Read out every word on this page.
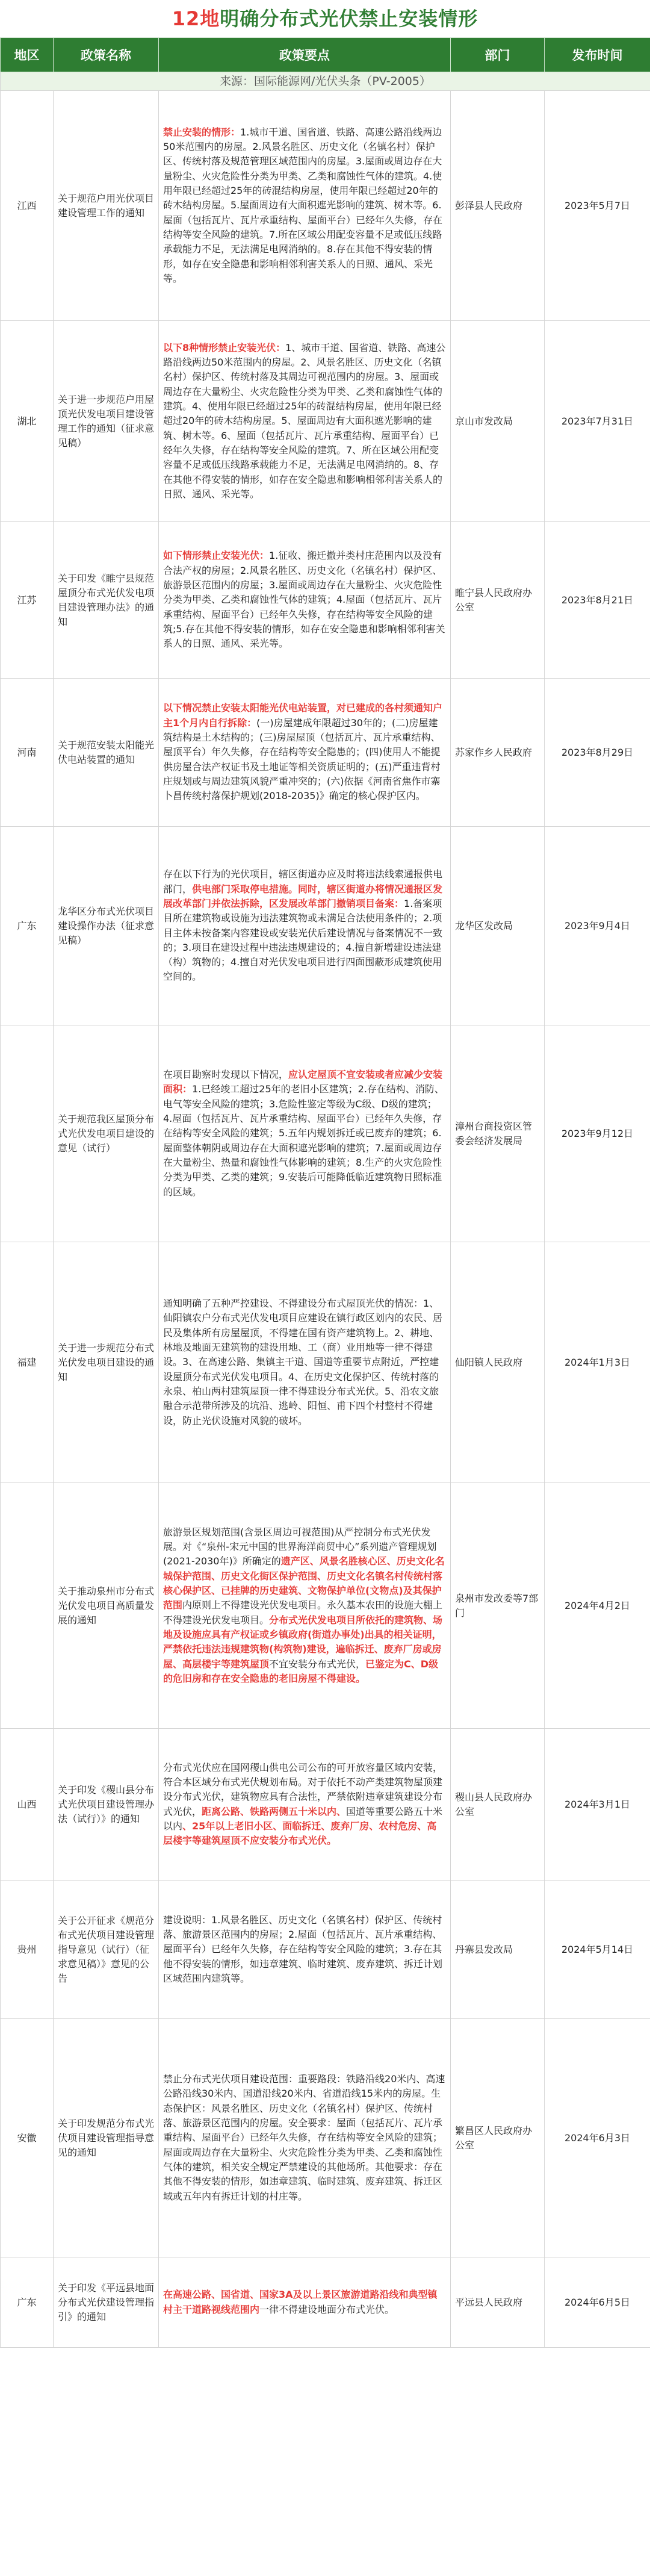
12地明确分布式光伏禁止安装情形
地区	政策名称	政策要点	部门	发布时间
来源：国际能源网/光伏头条（PV-2005）				
江西	关于规范户用光伏项目建设管理工作的通知	禁止安装的情形：1.城市干道、国省道、铁路、高速公路沿线两边50米范围内的房屋。2.风景名胜区、历史文化（名镇名村）保护区、传统村落及规范管理区域范围内的房屋。3.屋面或周边存在大量粉尘、火灾危险性分类为甲类、乙类和腐蚀性气体的建筑。4.使用年限已经超过25年的砖混结构房屋，使用年限已经超过20年的砖木结构房屋。5.屋面周边有大面积遮光影响的建筑、树木等。6.屋面（包括瓦片、瓦片承重结构、屋面平台）已经年久失修，存在结构等安全风险的建筑。7.所在区域公用配变容量不足或低压线路承载能力不足，无法满足电网消纳的。8.存在其他不得安装的情形，如存在安全隐患和影响相邻利害关系人的日照、通风、采光等。	彭泽县人民政府	2023年5月7日
湖北	关于进一步规范户用屋顶光伏发电项目建设管理工作的通知（征求意见稿）	以下8种情形禁止安装光伏：1、城市干道、国省道、铁路、高速公路沿线两边50米范围内的房屋。2、风景名胜区、历史文化（名镇名村）保护区、传统村落及其周边可视范围内的房屋。3、屋面或周边存在大量粉尘、火灾危险性分类为甲类、乙类和腐蚀性气体的建筑。4、使用年限已经超过25年的砖混结构房屋，使用年限已经超过20年的砖木结构房屋。5、屋面周边有大面积遮光影响的建筑、树木等。6、屋面（包括瓦片、瓦片承重结构、屋面平台）已经年久失修，存在结构等安全风险的建筑。7、所在区域公用配变容量不足或低压线路承载能力不足，无法满足电网消纳的。8、存在其他不得安装的情形，如存在安全隐患和影响相邻利害关系人的日照、通风、采光等。	京山市发改局	2023年7月31日
江苏	关于印发《睢宁县规范屋顶分布式光伏发电项目建设管理办法》的通知	如下情形禁止安装光伏：1.征收、搬迁撤并类村庄范围内以及没有合法产权的房屋；2.风景名胜区、历史文化（名镇名村）保护区、旅游景区范围内的房屋；3.屋面或周边存在大量粉尘、火灾危险性分类为甲类、乙类和腐蚀性气体的建筑；4.屋面（包括瓦片、瓦片承重结构、屋面平台）已经年久失修，存在结构等安全风险的建筑;5.存在其他不得安装的情形，如存在安全隐患和影响相邻利害关系人的日照、通风、采光等。	睢宁县人民政府办公室	2023年8月21日
河南	关于规范安装太阳能光伏电站装置的通知	以下情况禁止安装太阳能光伏电站装置，对已建成的各村须通知户主1个月内自行拆除：(一)房屋建成年限超过30年的；(二)房屋建筑结构是土木结构的；(三)房屋屋顶（包括瓦片、瓦片承重结构、屋顶平台）年久失修，存在结构等安全隐患的；(四)使用人不能提供房屋合法产权证书及土地证等相关资质证明的；(五)严重违背村庄规划或与周边建筑风貌严重冲突的；(六)依据《河南省焦作市寨卜昌传统村落保护规划(2018-2035)》确定的核心保护区内。	苏家作乡人民政府	2023年8月29日
广东	龙华区分布式光伏项目建设操作办法（征求意见稿）	存在以下行为的光伏项目，辖区街道办应及时将违法线索通报供电部门，供电部门采取停电措施。同时，辖区街道办将情况通报区发展改革部门并依法拆除，区发展改革部门撤销项目备案：1.备案项目所在建筑物或设施为违法建筑物或未满足合法使用条件的；2.项目主体未按备案内容建设或安装光伏后建设情况与备案情况不一致的；3.项目在建设过程中违法违规建设的；4.擅自新增建设违法建（构）筑物的；4.擅自对光伏发电项目进行四面围蔽形成建筑使用空间的。	龙华区发改局	2023年9月4日
	关于规范我区屋顶分布式光伏发电项目建设的意见（试行）	在项目勘察时发现以下情况，应认定屋顶不宜安装或者应减少安装面积：1.已经竣工超过25年的老旧小区建筑；2.存在结构、消防、电气等安全风险的建筑；3.危险性鉴定等级为C级、D级的建筑；4.屋面（包括瓦片、瓦片承重结构、屋面平台）已经年久失修，存在结构等安全风险的建筑；5.五年内规划拆迁或已废弃的建筑；6.屋面整体朝阴或周边存在大面积遮光影响的建筑；7.屋面或周边存在大量粉尘、热量和腐蚀性气体影响的建筑；8.生产的火灾危险性分类为甲类、乙类的建筑；9.安装后可能降低临近建筑物日照标准的区域。	漳州台商投资区管委会经济发展局	2023年9月12日
福建	关于进一步规范分布式光伏发电项目建设的通知	通知明确了五种严控建设、不得建设分布式屋顶光伏的情况：1、仙阳镇农户分布式光伏发电项目应建设在镇行政区划内的农民、居民及集体所有房屋屋顶，不得建在国有资产建筑物上。2、耕地、林地及地面无建筑物的建设用地、工（商）业用地等一律不得建设。3、在高速公路、集镇主干道、国道等重要节点附近，严控建设屋顶分布式光伏发电项目。4、在历史文化保护区、传统村落的永泉、柏山两村建筑屋顶一律不得建设分布式光伏。5、沿农文旅融合示范带所涉及的坑沿、逃岭、阳恒、甫下四个村整村不得建设，防止光伏设施对风貌的破坏。	仙阳镇人民政府	2024年1月3日
	关于推动泉州市分布式光伏发电项目高质量发展的通知	旅游景区规划范围(含景区周边可视范围)从严控制分布式光伏发展。对《“泉州-宋元中国的世界海洋商贸中心”系列遗产管理规划(2021-2030年)》所确定的遗产区、风景名胜核心区、历史文化名城保护范围、历史文化街区保护范围、历史文化名镇名村传统村落核心保护区、已挂牌的历史建筑、文物保护单位(文物点)及其保护范围内原则上不得建设光伏发电项目。永久基本农田的设施大棚上不得建设光伏发电项目。分布式光伏发电项目所依托的建筑物、场地及设施应具有产权证或乡镇政府(街道办事处)出具的相关证明，严禁依托违法违规建筑物(构筑物)建设，遍临拆迁、废弃厂房或房屋、高层楼宇等建筑屋顶不宜安装分布式光伏，已鉴定为C、D级的危旧房和存在安全隐患的老旧房屋不得建设。	泉州市发改委等7部门	2024年4月2日
山西	关于印发《稷山县分布式光伏项目建设管理办法（试行）》的通知	分布式光伏应在国网稷山供电公司公布的可开放容量区域内安装，符合本区域分布式光伏规划布局。对于依托不动产类建筑物屋顶建设分布式光伏，建筑物应具有合法性，严禁依附违章建筑建设分布式光伏，距离公路、铁路两侧五十米以内、国道等重要公路五十米以内、25年以上老旧小区、面临拆迁、废弃厂房、农村危房、高层楼宇等建筑屋顶不应安装分布式光伏。	稷山县人民政府办公室	2024年3月1日
贵州	关于公开征求《规范分布式光伏项目建设管理 指导意见（试行）（征求意见稿）》意见的公告	建设说明：1.风景名胜区、历史文化（名镇名村）保护区、传统村落、旅游景区范围内的房屋；2.屋面（包括瓦片、瓦片承重结构、屋面平台）已经年久失修，存在结构等安全风险的建筑；3.存在其他不得安装的情形，如违章建筑、临时建筑、废弃建筑、拆迁计划区域范围内建筑等。	丹寨县发改局	2024年5月14日
安徽	关于印发规范分布式光伏项目建设管理指导意见的通知	禁止分布式光伏项目建设范围：重要路段：铁路沿线20米内、高速公路沿线30米内、国道沿线20米内、省道沿线15米内的房屋。生态保护区：风景名胜区、历史文化（名镇名村）保护区、传统村落、旅游景区范围内的房屋。安全要求：屋面（包括瓦片、瓦片承重结构、屋面平台）已经年久失修，存在结构等安全风险的建筑；屋面或周边存在大量粉尘、火灾危险性分类为甲类、乙类和腐蚀性气体的建筑，相关安全规定严禁建设的其他场所。其他要求：存在其他不得安装的情形，如违章建筑、临时建筑、废弃建筑、拆迁区域或五年内有拆迁计划的村庄等。	繁昌区人民政府办公室	2024年6月3日
广东	关于印发《平远县地面分布式光伏建设管理指引》的通知	在高速公路、国省道、国家3A及以上景区旅游道路沿线和典型镇村主干道路视线范围内一律不得建设地面分布式光伏。	平远县人民政府	2024年6月5日
